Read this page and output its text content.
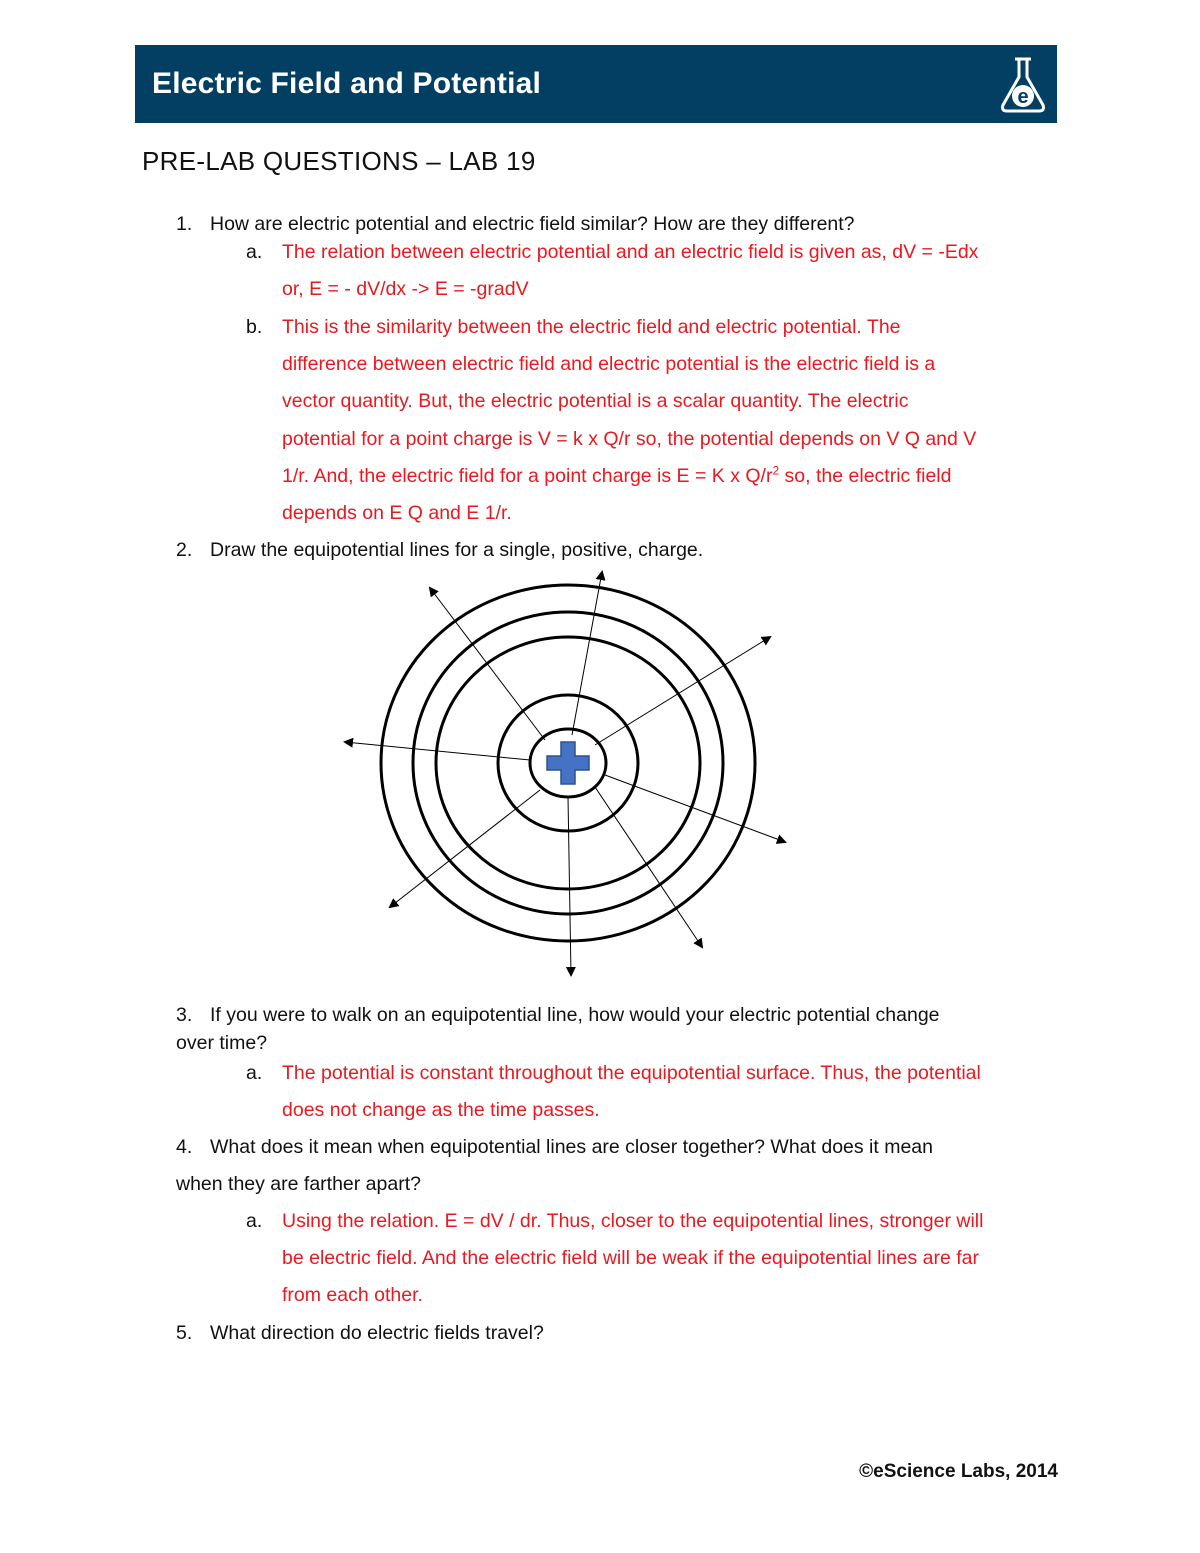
Electric Field and Potential	e
PRE-LAB QUESTIONS – LAB 19
1. How are electric potential and electric field similar? How are they different?
a. The relation between electric potential and an electric field is given as, dV = -Edx
or, E = - dV/dx -> E = -gradV
b. This is the similarity between the electric field and electric potential. The
difference between electric field and electric potential is the electric field is a
vector quantity. But, the electric potential is a scalar quantity. The electric
potential for a point charge is V = k x Q/r so, the potential depends on V Q and V
1/r. And, the electric field for a point charge is E = K x $Q/r^2$ so, the electric field
depends on E Q and E 1/r.
2. Draw the equipotential lines for a single, positive, charge.
3. If you were to walk on an equipotential line, how would your electric potential change
over time?
a. The potential is constant throughout the equipotential surface. Thus, the potential
does not change as the time passes.
4. What does it mean when equipotential lines are closer together? What does it mean
when they are farther apart?
a. Using the relation. E = dV / dr. Thus, closer to the equipotential lines, stronger will
be electric field. And the electric field will be weak if the equipotential lines are far
from each other.
5. What direction do electric fields travel?
©eScience Labs, 2014
